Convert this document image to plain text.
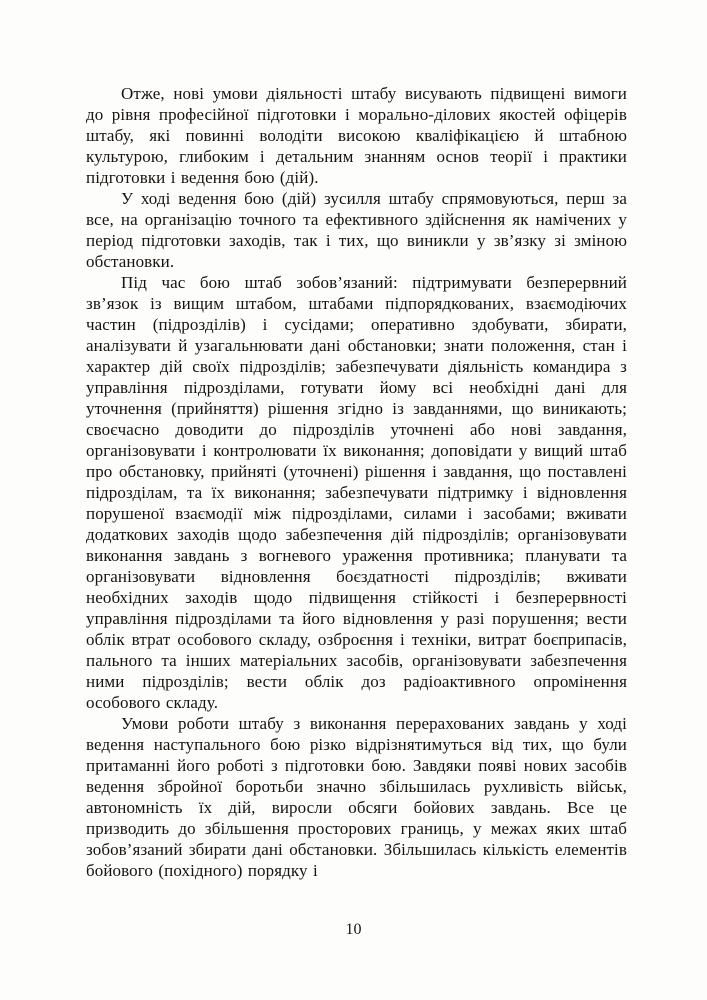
Отже, нові умови діяльності штабу висувають підвищені вимоги до рівня професійної підготовки і морально-ділових якостей офіцерів штабу, які повинні володіти високою кваліфікацією й штабною культурою, глибоким і детальним знанням основ теорії і практики підготовки і ведення бою (дій).

У ході ведення бою (дій) зусилля штабу спрямовуються, перш за все, на організацію точного та ефективного здійснення як намічених у період підготовки заходів, так і тих, що виникли у зв’язку зі зміною обстановки.

Під час бою штаб зобов’язаний: підтримувати безперервний зв’язок із вищим штабом, штабами підпорядкованих, взаємодіючих частин (підрозділів) і сусідами; оперативно здобувати, збирати, аналізувати й узагальнювати дані обстановки; знати положення, стан і характер дій своїх підрозділів; забезпечувати діяльність командира з управління підрозділами, готувати йому всі необхідні дані для уточнення (прийняття) рішення згідно із завданнями, що виникають; своєчасно доводити до підрозділів уточнені або нові завдання, організовувати і контролювати їх виконання; доповідати у вищий штаб про обстановку, прийняті (уточнені) рішення і завдання, що поставлені підрозділам, та їх виконання; забезпечувати підтримку і відновлення порушеної взаємодії між підрозділами, силами і засобами; вживати додаткових заходів щодо забезпечення дій підрозділів; організовувати виконання завдань з вогневого ураження противника; планувати та організовувати відновлення боєздатності підрозділів; вживати необхідних заходів щодо підвищення стійкості і безперервності управління підрозділами та його відновлення у разі порушення; вести облік втрат особового складу, озброєння і техніки, витрат боєприпасів, пального та інших матеріальних засобів, організовувати забезпечення ними підрозділів; вести облік доз радіоактивного опромінення особового складу.

Умови роботи штабу з виконання перерахованих завдань у ході ведення наступального бою різко відрізнятимуться від тих, що були притаманні його роботі з підготовки бою. Завдяки появі нових засобів ведення збройної боротьби значно збільшилась рухливість військ, автономність їх дій, виросли обсяги бойових завдань. Все це призводить до збільшення просторових границь, у межах яких штаб зобов’язаний збирати дані обстановки. Збільшилась кількість елементів бойового (похідного) порядку і

10
